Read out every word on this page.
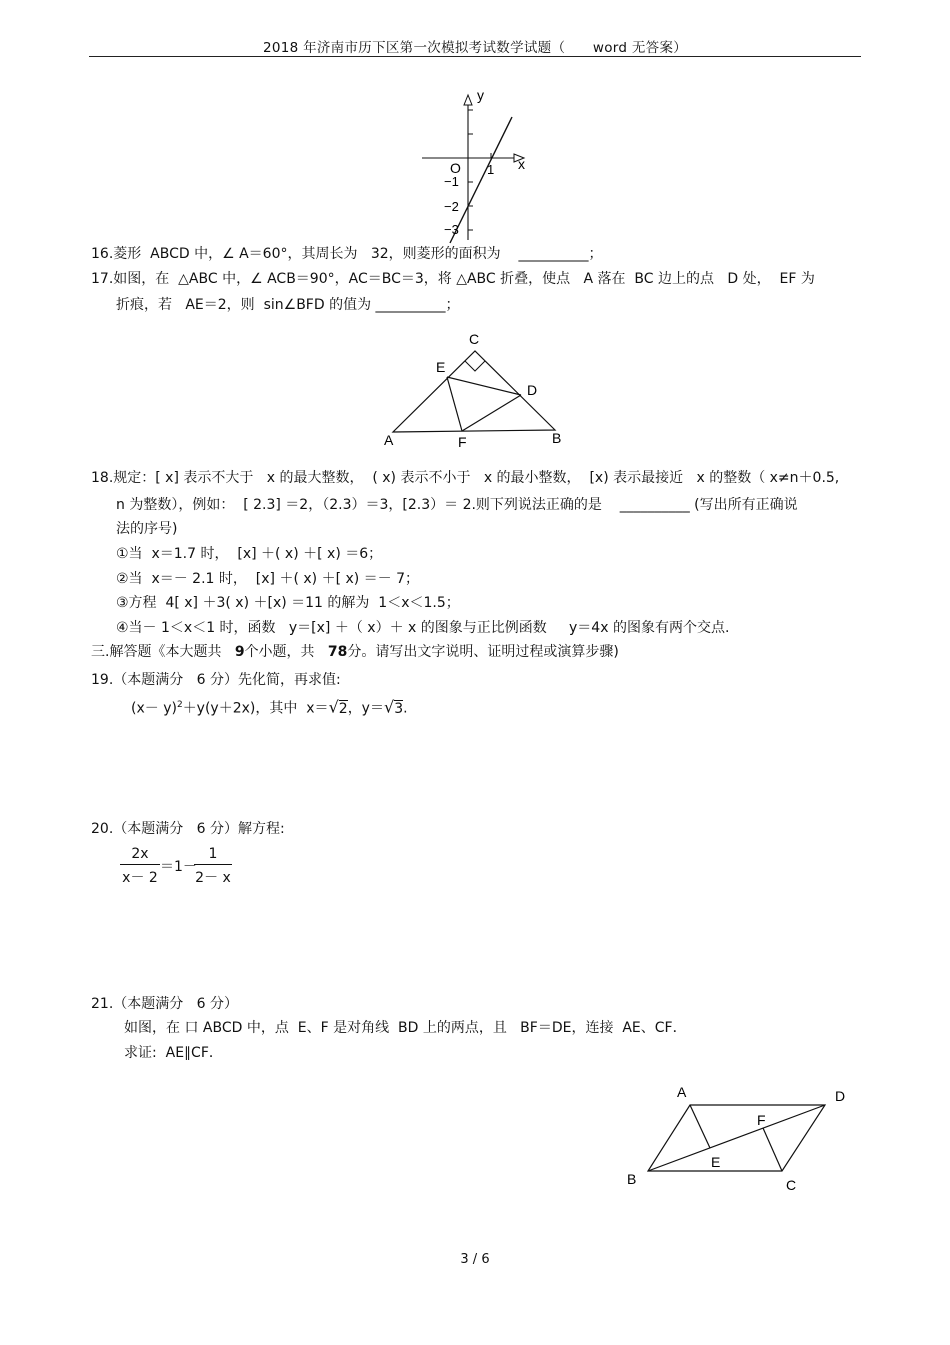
2018 年济南市历下区第一次模拟考试数学试题（　　word 无答案）
y
x
O 1
−1
−2
−3
16.菱形  ABCD 中，∠ A＝60°，其周长为   32，则菱形的面积为    __________；
17.如图，在  △ABC 中，∠ ACB＝90°，AC＝BC＝3，将 △ABC 折叠，使点   A 落在  BC 边上的点   D 处，  EF 为
折痕，若   AE＝2，则  sin∠BFD 的值为 __________；
C
E
D
A	F	B
18.规定：[ x] 表示不大于   x 的最大整数，  ( x) 表示不小于   x 的最小整数，  [x) 表示最接近   x 的整数（ x≠n＋0.5,
n 为整数），例如：  [ 2.3] ＝2，（2.3）＝3，[2.3）＝ 2.则下列说法正确的是    __________ (写出所有正确说
法的序号)
①当  x＝1.7 时，  [x] ＋( x) ＋[ x) ＝6；
②当  x＝－ 2.1 时，  [x] ＋( x) ＋[ x) ＝－ 7；
③方程  4[ x] ＋3( x) ＋[x) ＝11 的解为  1＜x＜1.5；
④当－ 1＜x＜1 时，函数   y＝[x] ＋（ x）＋ x 的图象与正比例函数     y＝4x 的图象有两个交点.
三.解答题《本大题共 9个小题，共 78分。请写出文字说明、证明过程或演算步骤)
19.（本题满分   6 分）先化简，再求值:
$(x- y)^2+y(y+2x)$，其中  x＝√2，y＝√3.
20.（本题满分   6 分）解方程:
2x
x－ 2
＝1－
1
2－ x
21.（本题满分   6 分）
如图，在 口 ABCD 中，点  E、F 是对角线  BD 上的两点，且   BF＝DE，连接  AE、CF．
求证:  AE∥CF．
A	D
F
E
B	C
3 / 6
